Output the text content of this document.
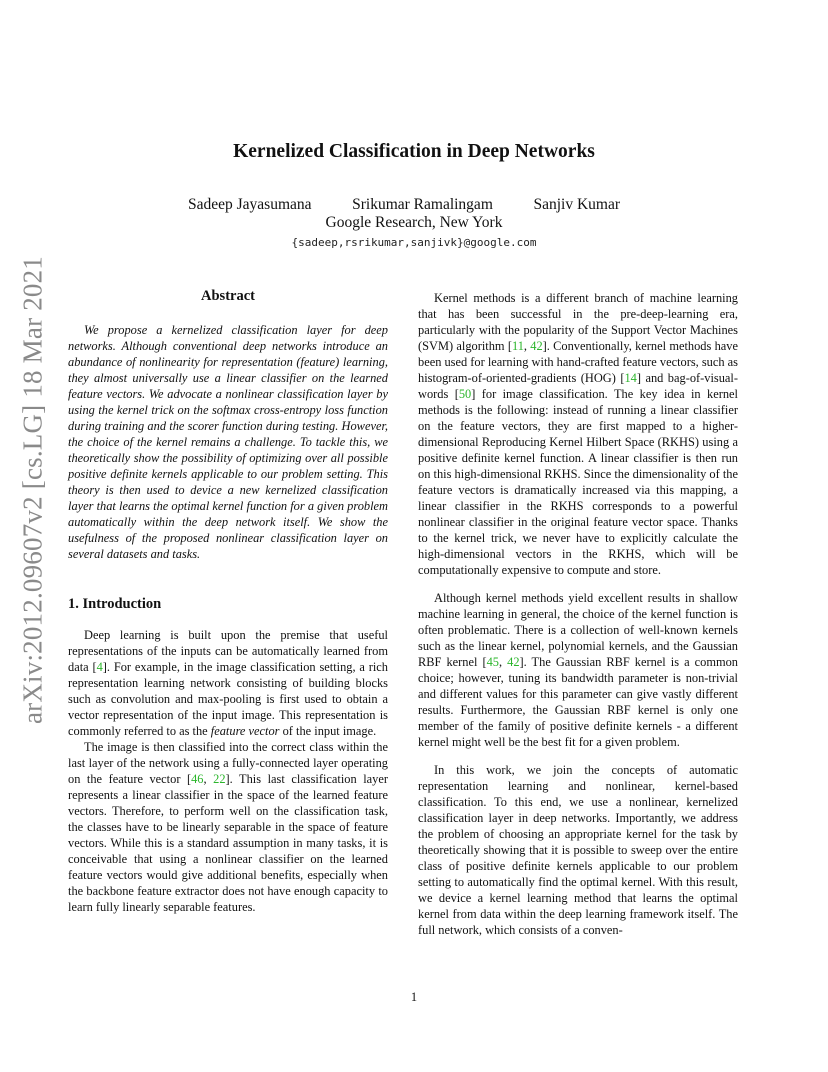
arXiv:2012.09607v2 [cs.LG] 18 Mar 2021
Kernelized Classification in Deep Networks
Sadeep Jayasumana	Srikumar Ramalingam	Sanjiv Kumar
Google Research, New York
{sadeep,rsrikumar,sanjivk}@google.com
Abstract

We propose a kernelized classification layer for deep networks. Although conventional deep networks introduce an abundance of nonlinearity for representation (feature) learning, they almost universally use a linear classifier on the learned feature vectors. We advocate a nonlinear classification layer by using the kernel trick on the softmax cross-entropy loss function during training and the scorer function during testing. However, the choice of the kernel remains a challenge. To tackle this, we theoretically show the possibility of optimizing over all possible positive definite kernels applicable to our problem setting. This theory is then used to device a new kernelized classification layer that learns the optimal kernel function for a given problem automatically within the deep network itself. We show the usefulness of the proposed nonlinear classification layer on several datasets and tasks.

1. Introduction

Deep learning is built upon the premise that useful representations of the inputs can be automatically learned from data [4]. For example, in the image classification setting, a rich representation learning network consisting of building blocks such as convolution and max-pooling is first used to obtain a vector representation of the input image. This representation is commonly referred to as the feature vector of the input image.

The image is then classified into the correct class within the last layer of the network using a fully-connected layer operating on the feature vector [46, 22]. This last classification layer represents a linear classifier in the space of the learned feature vectors. Therefore, to perform well on the classification task, the classes have to be linearly separable in the space of feature vectors. While this is a standard assumption in many tasks, it is conceivable that using a nonlinear classifier on the learned feature vectors would give additional benefits, especially when the backbone feature extractor does not have enough capacity to learn fully linearly separable features.

Kernel methods is a different branch of machine learning that has been successful in the pre-deep-learning era, particularly with the popularity of the Support Vector Machines (SVM) algorithm [11, 42]. Conventionally, kernel methods have been used for learning with hand-crafted feature vectors, such as histogram-of-oriented-gradients (HOG) [14] and bag-of-visual-words [50] for image classification. The key idea in kernel methods is the following: instead of running a linear classifier on the feature vectors, they are first mapped to a higher-dimensional Reproducing Kernel Hilbert Space (RKHS) using a positive definite kernel function. A linear classifier is then run on this high-dimensional RKHS. Since the dimensionality of the feature vectors is dramatically increased via this mapping, a linear classifier in the RKHS corresponds to a powerful nonlinear classifier in the original feature vector space. Thanks to the kernel trick, we never have to explicitly calculate the high-dimensional vectors in the RKHS, which will be computationally expensive to compute and store.

Although kernel methods yield excellent results in shallow machine learning in general, the choice of the kernel function is often problematic. There is a collection of well-known kernels such as the linear kernel, polynomial kernels, and the Gaussian RBF kernel [45, 42]. The Gaussian RBF kernel is a common choice; however, tuning its bandwidth parameter is non-trivial and different values for this parameter can give vastly different results. Furthermore, the Gaussian RBF kernel is only one member of the family of positive definite kernels - a different kernel might well be the best fit for a given problem.

In this work, we join the concepts of automatic representation learning and nonlinear, kernel-based classification. To this end, we use a nonlinear, kernelized classification layer in deep networks. Importantly, we address the problem of choosing an appropriate kernel for the task by theoretically showing that it is possible to sweep over the entire class of positive definite kernels applicable to our problem setting to automatically find the optimal kernel. With this result, we device a kernel learning method that learns the optimal kernel from data within the deep learning framework itself. The full network, which consists of a conven-

1
